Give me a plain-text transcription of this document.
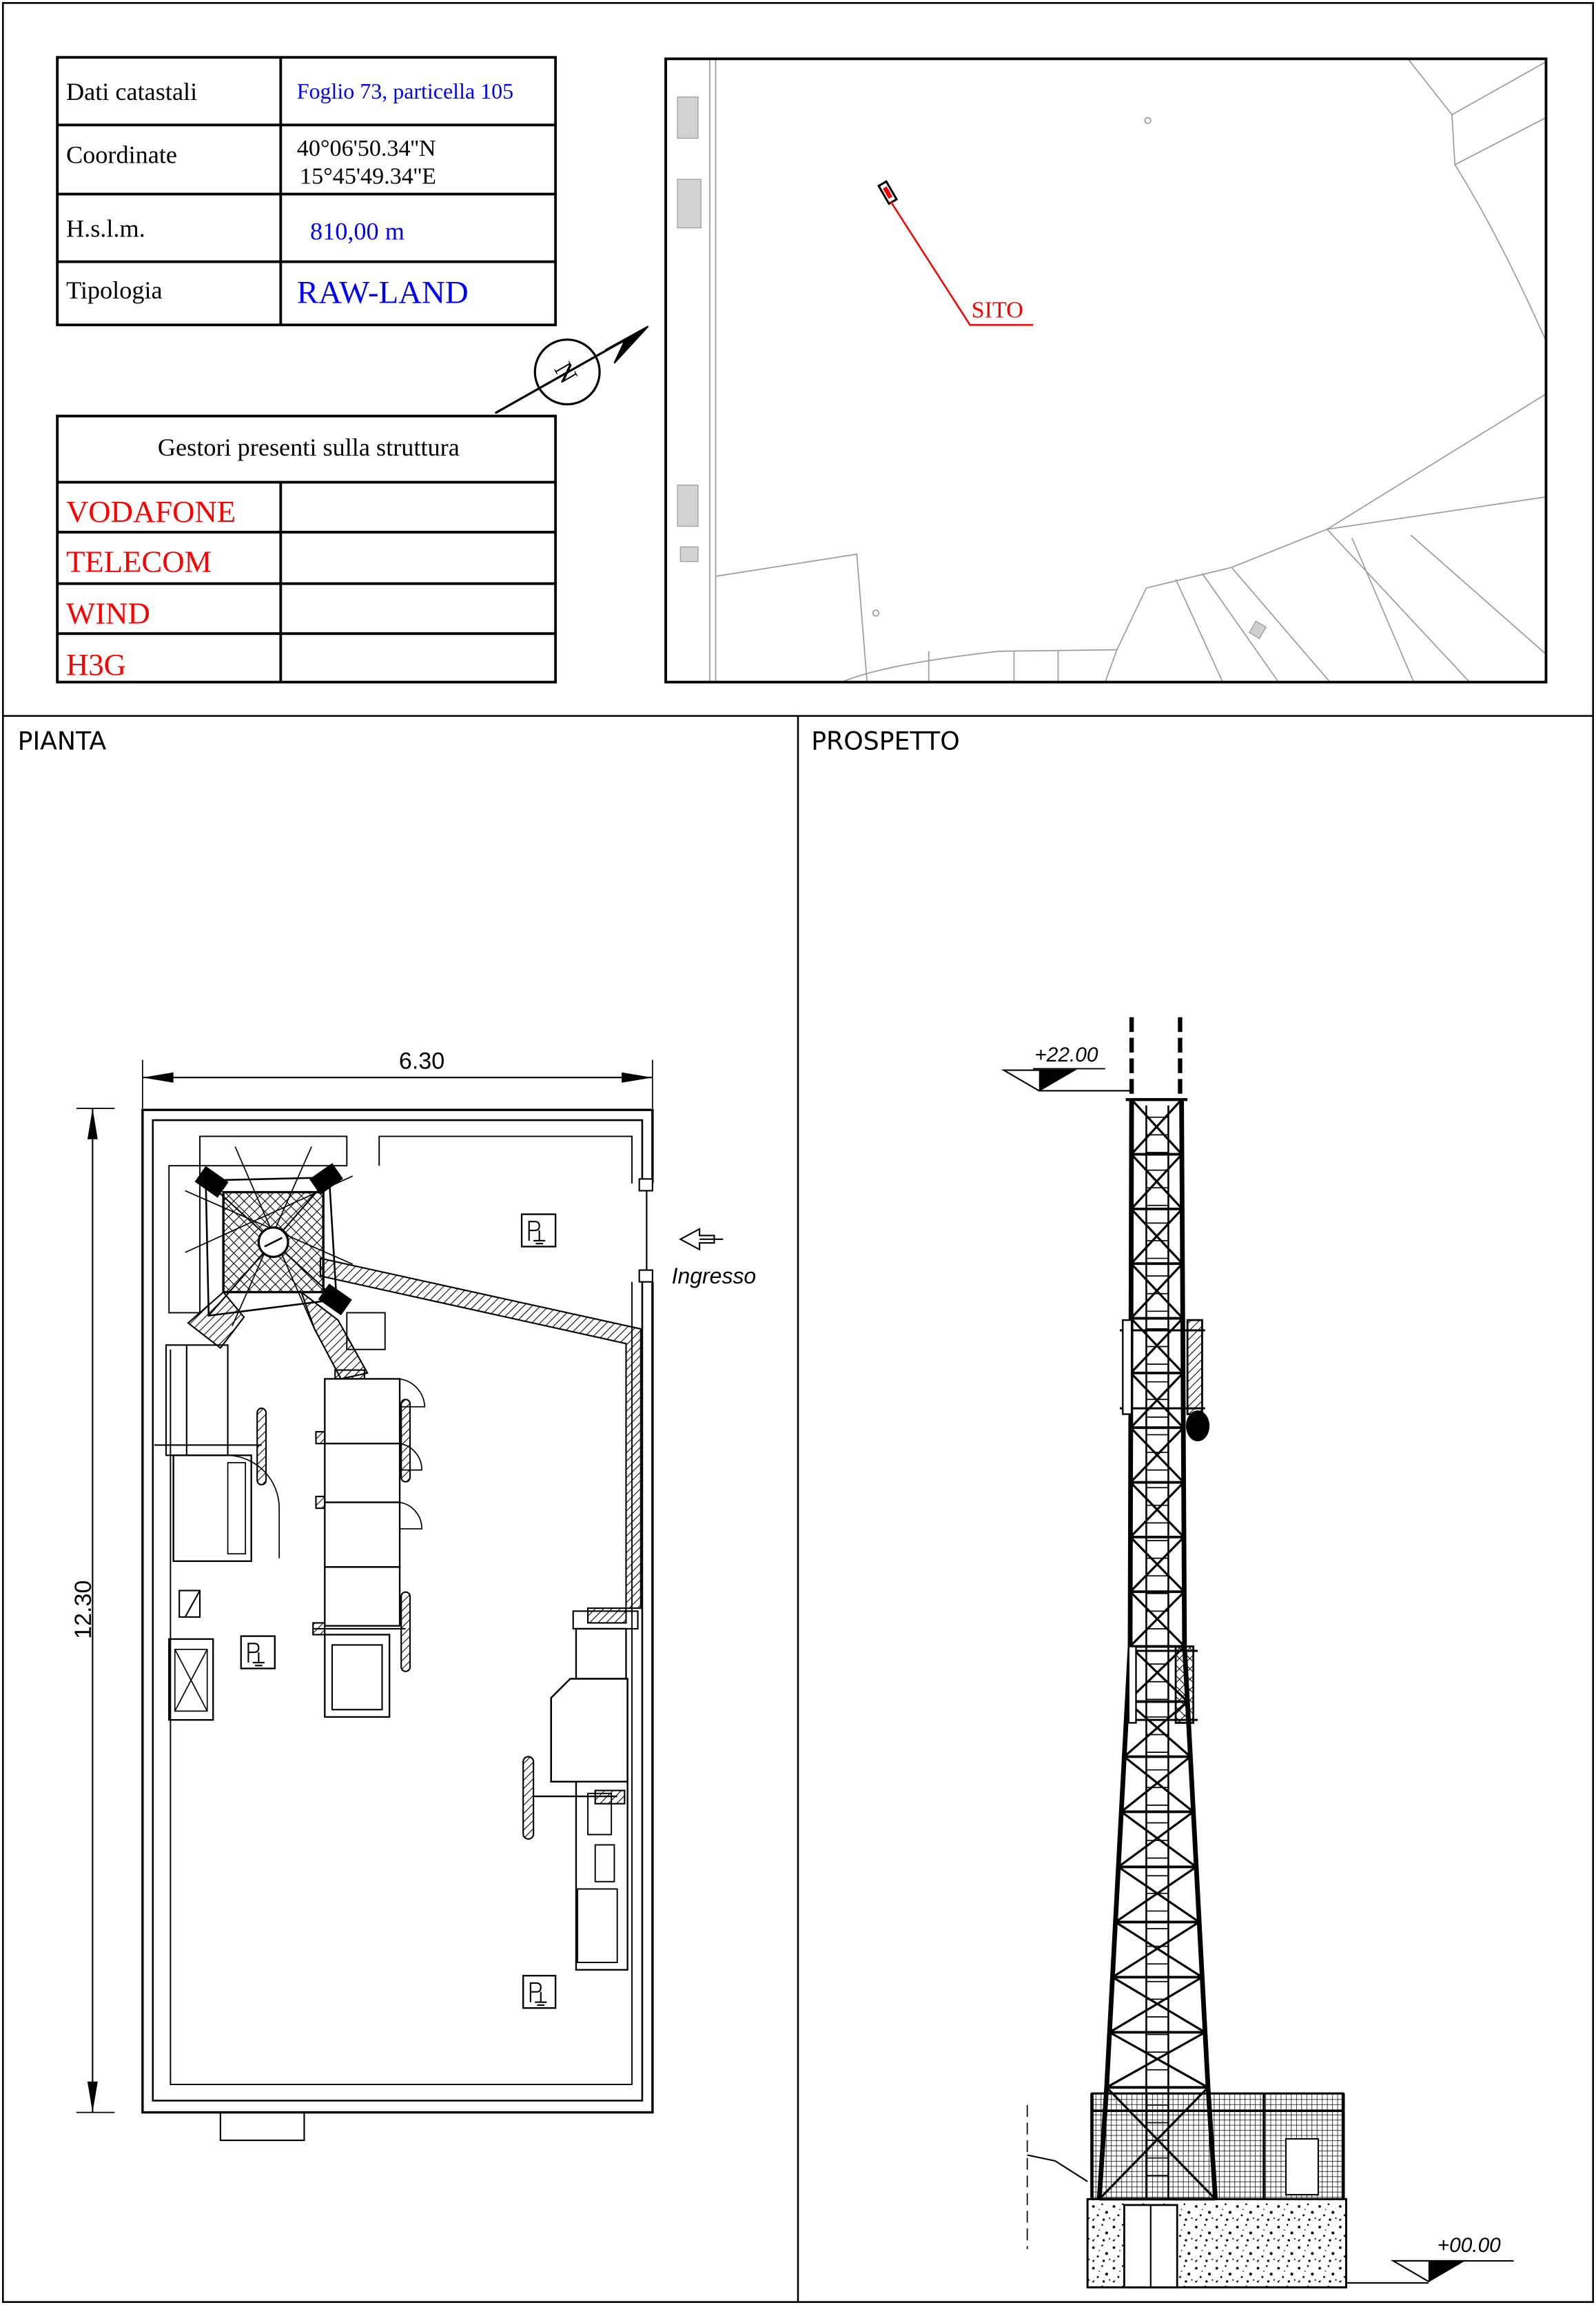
Dati catastali	Foglio 73, particella 105
Coordinate	40°06'50.34''N
15°45'49.34''E
H.s.l.m.	810,00 m
Tipologia	RAW-LAND
Gestori presenti sulla struttura
VODAFONE
TELECOM
WIND
H3G
N
SITO
PIANTA
6.30
12.30
Ingresso
PROSPETTO
+22.00
+00.00
